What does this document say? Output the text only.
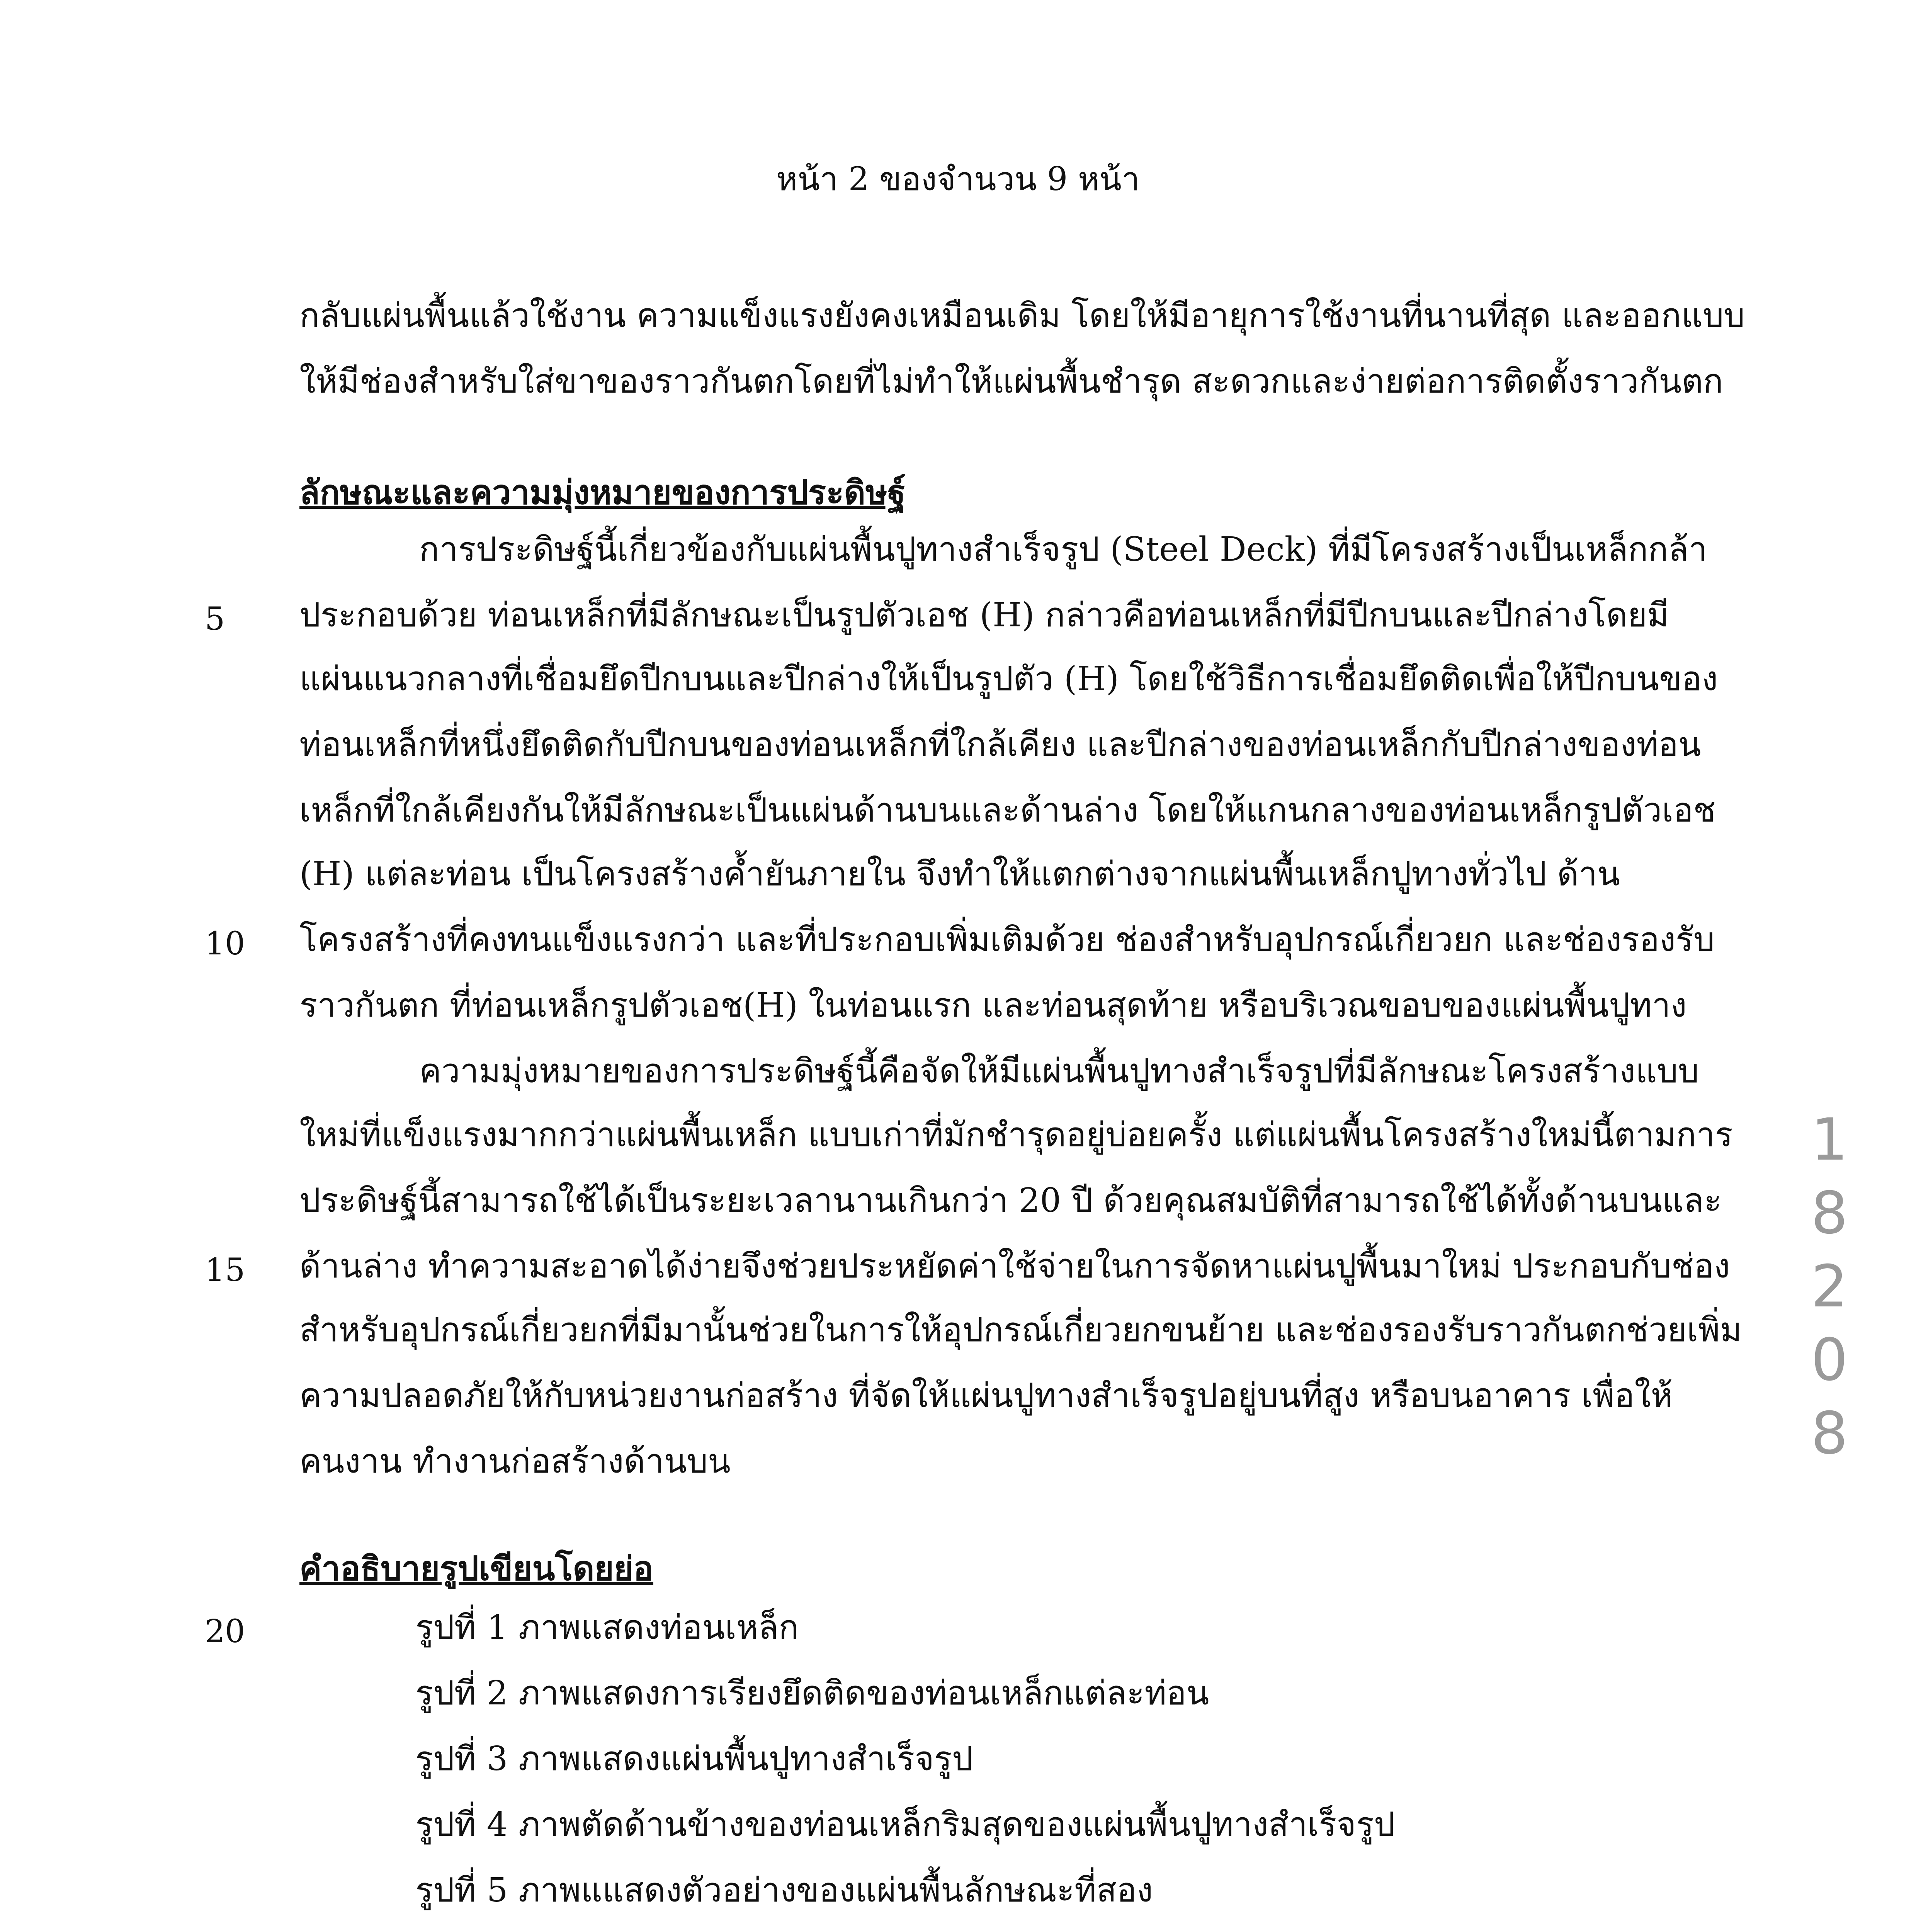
หน้า 2 ของจำนวน 9 หน้า
กลับแผ่นพื้นแล้วใช้งาน ความแข็งแรงยังคงเหมือนเดิม โดยให้มีอายุการใช้งานที่นานที่สุด และออกแบบ
ให้มีช่องสำหรับใส่ขาของราวกันตกโดยที่ไม่ทำให้แผ่นพื้นชำรุด สะดวกและง่ายต่อการติดตั้งราวกันตก
ลักษณะและความมุ่งหมายของการประดิษฐ์
การประดิษฐ์นี้เกี่ยวข้องกับแผ่นพื้นปูทางสำเร็จรูป (Steel Deck) ที่มีโครงสร้างเป็นเหล็กกล้า
ประกอบด้วย ท่อนเหล็กที่มีลักษณะเป็นรูปตัวเอช (H) กล่าวคือท่อนเหล็กที่มีปีกบนและปีกล่างโดยมี
แผ่นแนวกลางที่เชื่อมยึดปีกบนและปีกล่างให้เป็นรูปตัว (H) โดยใช้วิธีการเชื่อมยึดติดเพื่อให้ปีกบนของ
ท่อนเหล็กที่หนึ่งยึดติดกับปีกบนของท่อนเหล็กที่ใกล้เคียง และปีกล่างของท่อนเหล็กกับปีกล่างของท่อน
เหล็กที่ใกล้เคียงกันให้มีลักษณะเป็นแผ่นด้านบนและด้านล่าง โดยให้แกนกลางของท่อนเหล็กรูปตัวเอช
(H) แต่ละท่อน เป็นโครงสร้างค้ำยันภายใน จึงทำให้แตกต่างจากแผ่นพื้นเหล็กปูทางทั่วไป ด้าน
โครงสร้างที่คงทนแข็งแรงกว่า และที่ประกอบเพิ่มเติมด้วย ช่องสำหรับอุปกรณ์เกี่ยวยก และช่องรองรับ
ราวกันตก ที่ท่อนเหล็กรูปตัวเอช(H) ในท่อนแรก และท่อนสุดท้าย หรือบริเวณขอบของแผ่นพื้นปูทาง
ความมุ่งหมายของการประดิษฐ์นี้คือจัดให้มีแผ่นพื้นปูทางสำเร็จรูปที่มีลักษณะโครงสร้างแบบ
ใหม่ที่แข็งแรงมากกว่าแผ่นพื้นเหล็ก แบบเก่าที่มักชำรุดอยู่บ่อยครั้ง แต่แผ่นพื้นโครงสร้างใหม่นี้ตามการ
ประดิษฐ์นี้สามารถใช้ได้เป็นระยะเวลานานเกินกว่า 20 ปี ด้วยคุณสมบัติที่สามารถใช้ได้ทั้งด้านบนและ
ด้านล่าง ทำความสะอาดได้ง่ายจึงช่วยประหยัดค่าใช้จ่ายในการจัดหาแผ่นปูพื้นมาใหม่ ประกอบกับช่อง
สำหรับอุปกรณ์เกี่ยวยกที่มีมานั้นช่วยในการให้อุปกรณ์เกี่ยวยกขนย้าย และช่องรองรับราวกันตกช่วยเพิ่ม
ความปลอดภัยให้กับหน่วยงานก่อสร้าง ที่จัดให้แผ่นปูทางสำเร็จรูปอยู่บนที่สูง หรือบนอาคาร เพื่อให้
คนงาน ทำงานก่อสร้างด้านบน
คำอธิบายรูปเขียนโดยย่อ
รูปที่ 1 ภาพแสดงท่อนเหล็ก
รูปที่ 2 ภาพแสดงการเรียงยึดติดของท่อนเหล็กแต่ละท่อน
รูปที่ 3 ภาพแสดงแผ่นพื้นปูทางสำเร็จรูป
รูปที่ 4 ภาพตัดด้านข้างของท่อนเหล็กริมสุดของแผ่นพื้นปูทางสำเร็จรูป
รูปที่ 5 ภาพแแสดงตัวอย่างของแผ่นพื้นลักษณะที่สอง
5
10
15
20
1
8
2
0
8
